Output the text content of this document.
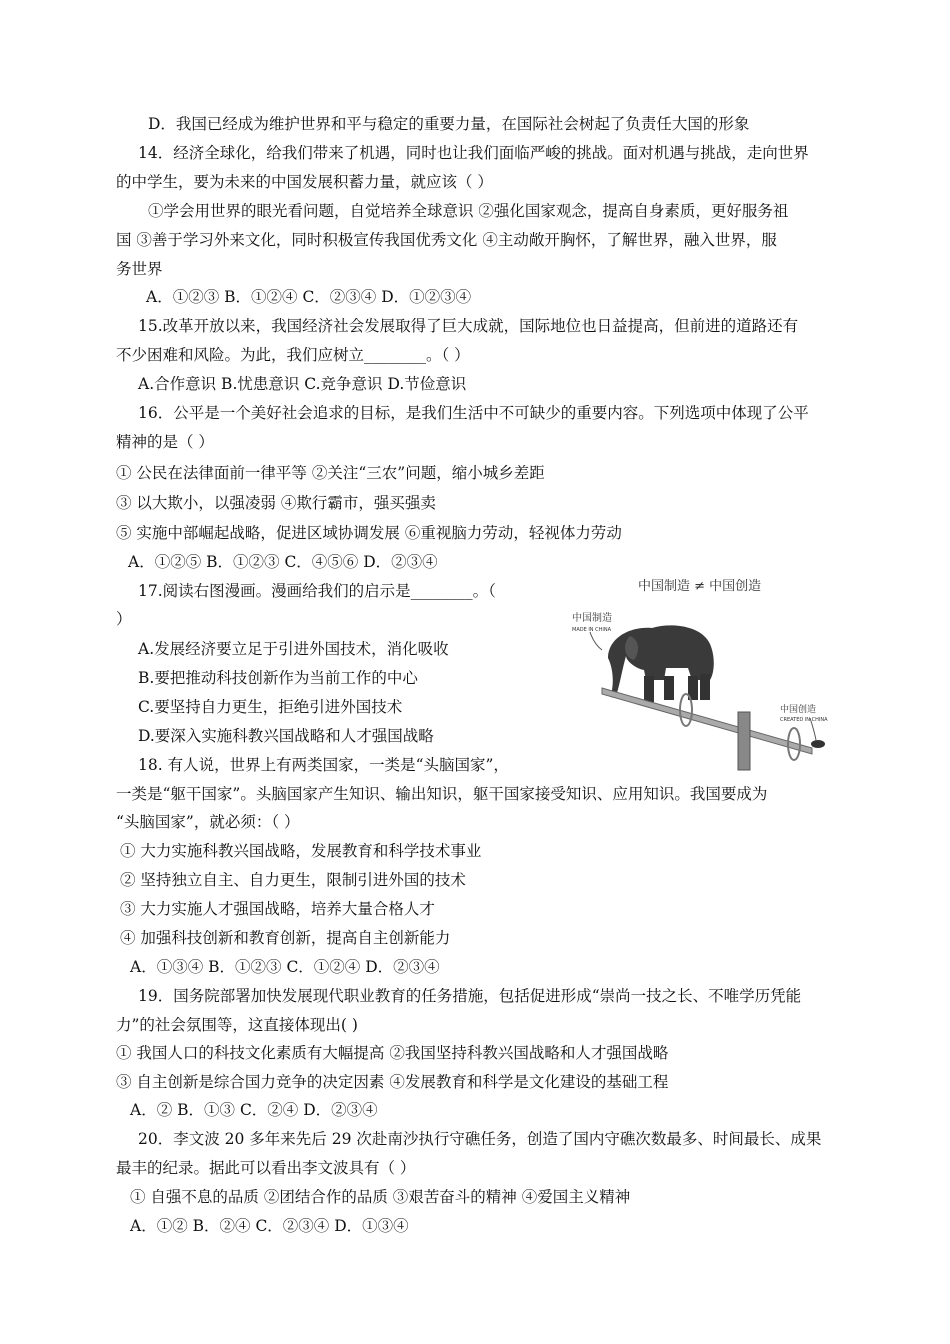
D．我国已经成为维护世界和平与稳定的重要力量，在国际社会树起了负责任大国的形象
14．经济全球化，给我们带来了机遇，同时也让我们面临严峻的挑战。面对机遇与挑战，走向世界
的中学生，要为未来的中国发展积蓄力量，就应该（ ）
①学会用世界的眼光看问题，自觉培养全球意识 ②强化国家观念，提高自身素质，更好服务祖
国 ③善于学习外来文化，同时积极宣传我国优秀文化 ④主动敞开胸怀，了解世界，融入世界，服
务世界
A．①②③ B．①②④ C．②③④ D．①②③④
15.改革开放以来，我国经济社会发展取得了巨大成就，国际地位也日益提高，但前进的道路还有
不少困难和风险。为此，我们应树立________。（ ）
A.合作意识 B.忧患意识 C.竞争意识 D.节俭意识
16．公平是一个美好社会追求的目标，是我们生活中不可缺少的重要内容。下列选项中体现了公平
精神的是（ ）
① 公民在法律面前一律平等 ②关注“三农”问题，缩小城乡差距
③ 以大欺小，以强凌弱 ④欺行霸市，强买强卖
⑤ 实施中部崛起战略，促进区域协调发展 ⑥重视脑力劳动，轻视体力劳动
A．①②⑤ B．①②③ C．④⑤⑥ D．②③④
17.阅读右图漫画。漫画给我们的启示是________。（
）
A.发展经济要立足于引进外国技术，消化吸收
B.要把推动科技创新作为当前工作的中心
C.要坚持自力更生，拒绝引进外国技术
D.要深入实施科教兴国战略和人才强国战略
中国制造 ≠ 中国创造
中国制造
MADE IN CHINA
中国创造
CREATED IN CHINA
18. 有人说，世界上有两类国家，一类是“头脑国家”，
一类是“躯干国家”。头脑国家产生知识、输出知识，躯干国家接受知识、应用知识。我国要成为
“头脑国家”，就必须：（ ）
① 大力实施科教兴国战略，发展教育和科学技术事业
② 坚持独立自主、自力更生，限制引进外国的技术
③ 大力实施人才强国战略，培养大量合格人才
④ 加强科技创新和教育创新，提高自主创新能力
A．①③④ B．①②③ C．①②④ D．②③④
19．国务院部署加快发展现代职业教育的任务措施，包括促进形成“崇尚一技之长、不唯学历凭能
力”的社会氛围等，这直接体现出( )
① 我国人口的科技文化素质有大幅提高 ②我国坚持科教兴国战略和人才强国战略
③ 自主创新是综合国力竞争的决定因素 ④发展教育和科学是文化建设的基础工程
A．② B．①③ C．②④ D．②③④
20．李文波 20 多年来先后 29 次赴南沙执行守礁任务，创造了国内守礁次数最多、时间最长、成果
最丰的纪录。据此可以看出李文波具有（ ）
① 自强不息的品质 ②团结合作的品质 ③艰苦奋斗的精神 ④爱国主义精神
A．①② B．②④ C．②③④ D．①③④
